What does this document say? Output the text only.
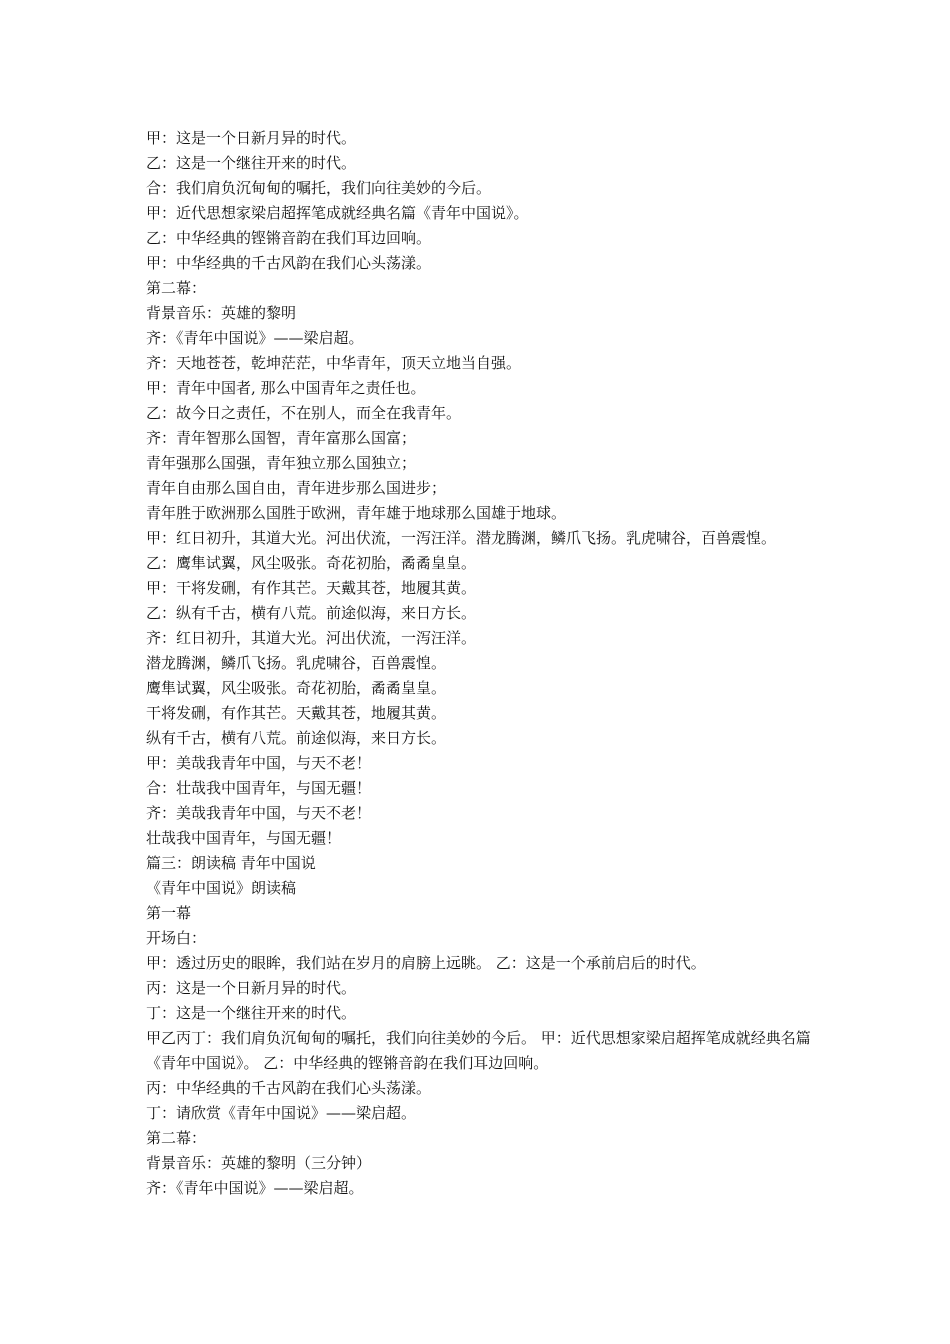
甲：这是一个日新月异的时代。
乙：这是一个继往开来的时代。
合：我们肩负沉甸甸的嘱托，我们向往美妙的今后。
甲：近代思想家梁启超挥笔成就经典名篇《青年中国说》。
乙：中华经典的铿锵音韵在我们耳边回响。
甲：中华经典的千古风韵在我们心头荡漾。
第二幕：
背景音乐：英雄的黎明
齐：《青年中国说》——梁启超。
齐：天地苍苍，乾坤茫茫，中华青年，顶天立地当自强。
甲：青年中国者, 那么中国青年之责任也。
乙：故今日之责任，不在别人，而全在我青年。
齐：青年智那么国智，青年富那么国富；
青年强那么国强，青年独立那么国独立；
青年自由那么国自由，青年进步那么国进步；
青年胜于欧洲那么国胜于欧洲，青年雄于地球那么国雄于地球。
甲：红日初升，其道大光。河出伏流，一泻汪洋。潜龙腾渊，鳞爪飞扬。乳虎啸谷，百兽震惶。
乙：鹰隼试翼，风尘吸张。奇花初胎，矞矞皇皇。
甲：干将发硎，有作其芒。天戴其苍，地履其黄。
乙：纵有千古，横有八荒。前途似海，来日方长。
齐：红日初升，其道大光。河出伏流，一泻汪洋。
潜龙腾渊，鳞爪飞扬。乳虎啸谷，百兽震惶。
鹰隼试翼，风尘吸张。奇花初胎，矞矞皇皇。
干将发硎，有作其芒。天戴其苍，地履其黄。
纵有千古，横有八荒。前途似海，来日方长。
甲：美哉我青年中国，与天不老！
合：壮哉我中国青年，与国无疆！
齐：美哉我青年中国，与天不老！
壮哉我中国青年，与国无疆！
篇三：朗读稿 青年中国说
《青年中国说》朗读稿
第一幕
开场白：
甲：透过历史的眼眸，我们站在岁月的肩膀上远眺。 乙：这是一个承前启后的时代。
丙：这是一个日新月异的时代。
丁：这是一个继往开来的时代。
甲乙丙丁：我们肩负沉甸甸的嘱托，我们向往美妙的今后。 甲：近代思想家梁启超挥笔成就经典名篇《青年中国说》。 乙：中华经典的铿锵音韵在我们耳边回响。
丙：中华经典的千古风韵在我们心头荡漾。
丁：请欣赏《青年中国说》——梁启超。
第二幕：
背景音乐：英雄的黎明（三分钟）
齐：《青年中国说》——梁启超。
